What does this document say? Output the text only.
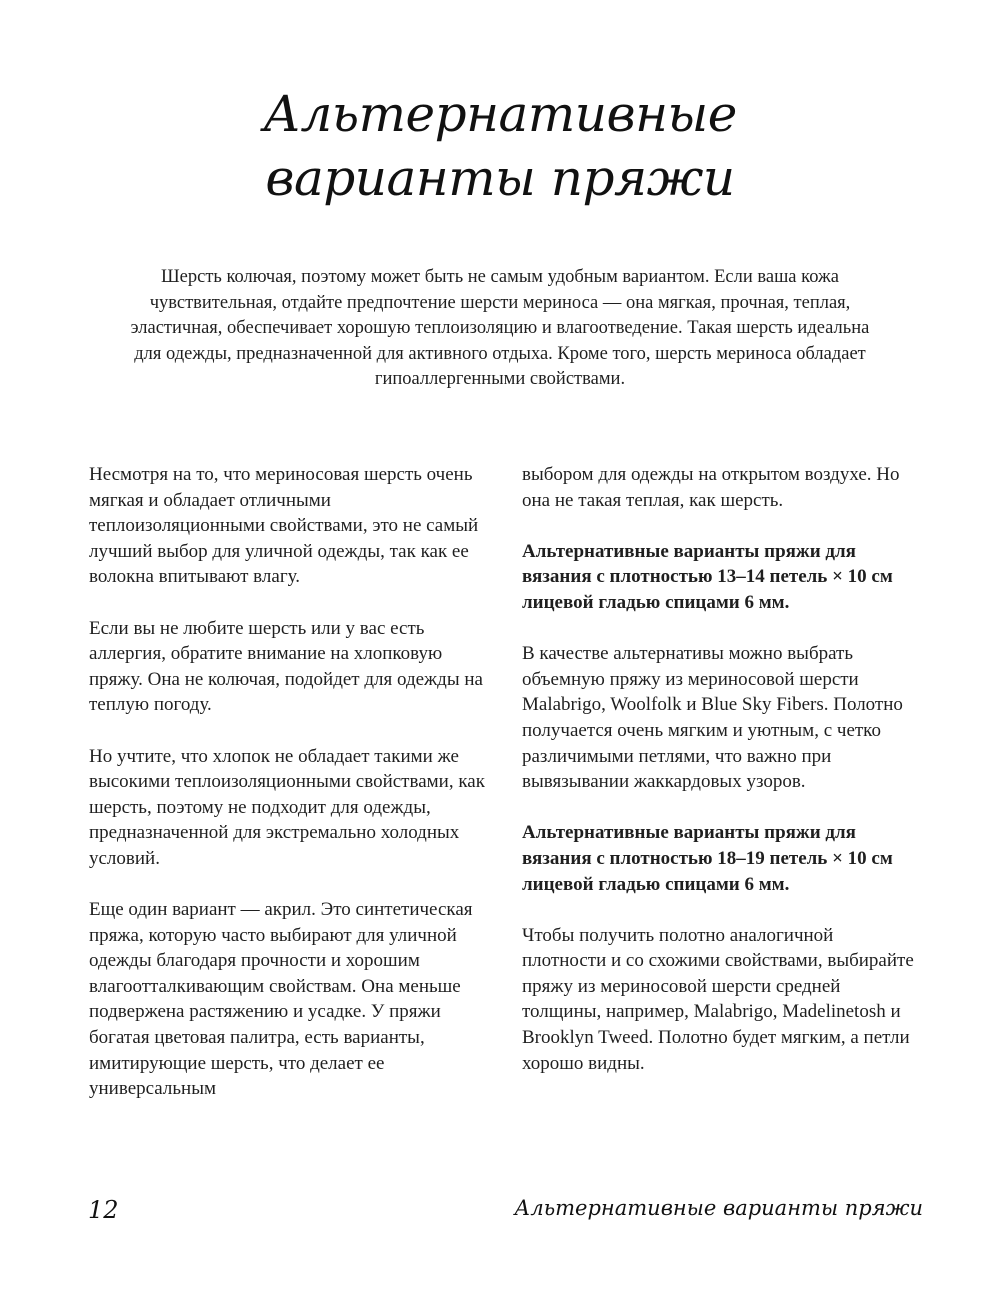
Альтернативные
варианты пряжи
Шерсть колючая, поэтому может быть не самым удобным вариантом. Если ваша кожа чувствительная, отдайте предпочтение шерсти мериноса — она мягкая, прочная, теплая, эластичная, обеспечивает хорошую теплоизоляцию и влагоотведение. Такая шерсть идеальна для одежды, предназначенной для активного отдыха. Кроме того, шерсть мериноса обладает гипоаллергенными свойствами.

Несмотря на то, что мериносовая шерсть очень мягкая и обладает отличными теплоизоляционными свойствами, это не самый лучший выбор для уличной одежды, так как ее волокна впитывают влагу.

Если вы не любите шерсть или у вас есть аллергия, обратите внимание на хлопковую пряжу. Она не колючая, подойдет для одежды на теплую погоду.

Но учтите, что хлопок не обладает такими же высокими теплоизоляционными свойствами, как шерсть, поэтому не подходит для одежды, предназначенной для экстремально холодных условий.

Еще один вариант — акрил. Это синтетическая пряжа, которую часто выбирают для уличной одежды благодаря прочности и хорошим влагоотталкивающим свойствам. Она меньше подвержена растяжению и усадке. У пряжи богатая цветовая палитра, есть варианты, имитирующие шерсть, что делает ее универсальным

выбором для одежды на открытом воздухе. Но она не такая теплая, как шерсть.

Альтернативные варианты пряжи для вязания с плотностью 13–14 петель × 10 см лицевой гладью спицами 6 мм.

В качестве альтернативы можно выбрать объемную пряжу из мериносовой шерсти Malabrigo, Woolfolk и Blue Sky Fibers. Полотно получается очень мягким и уютным, с четко различимыми петлями, что важно при вывязывании жаккардовых узоров.

Альтернативные варианты пряжи для вязания с плотностью 18–19 петель × 10 см лицевой гладью спицами 6 мм.

Чтобы получить полотно аналогичной плотности и со схожими свойствами, выбирайте пряжу из мериносовой шерсти средней толщины, например, Malabrigo, Madelinetosh и Brooklyn Tweed. Полотно будет мягким, а петли хорошо видны.

12	Альтернативные варианты пряжи
